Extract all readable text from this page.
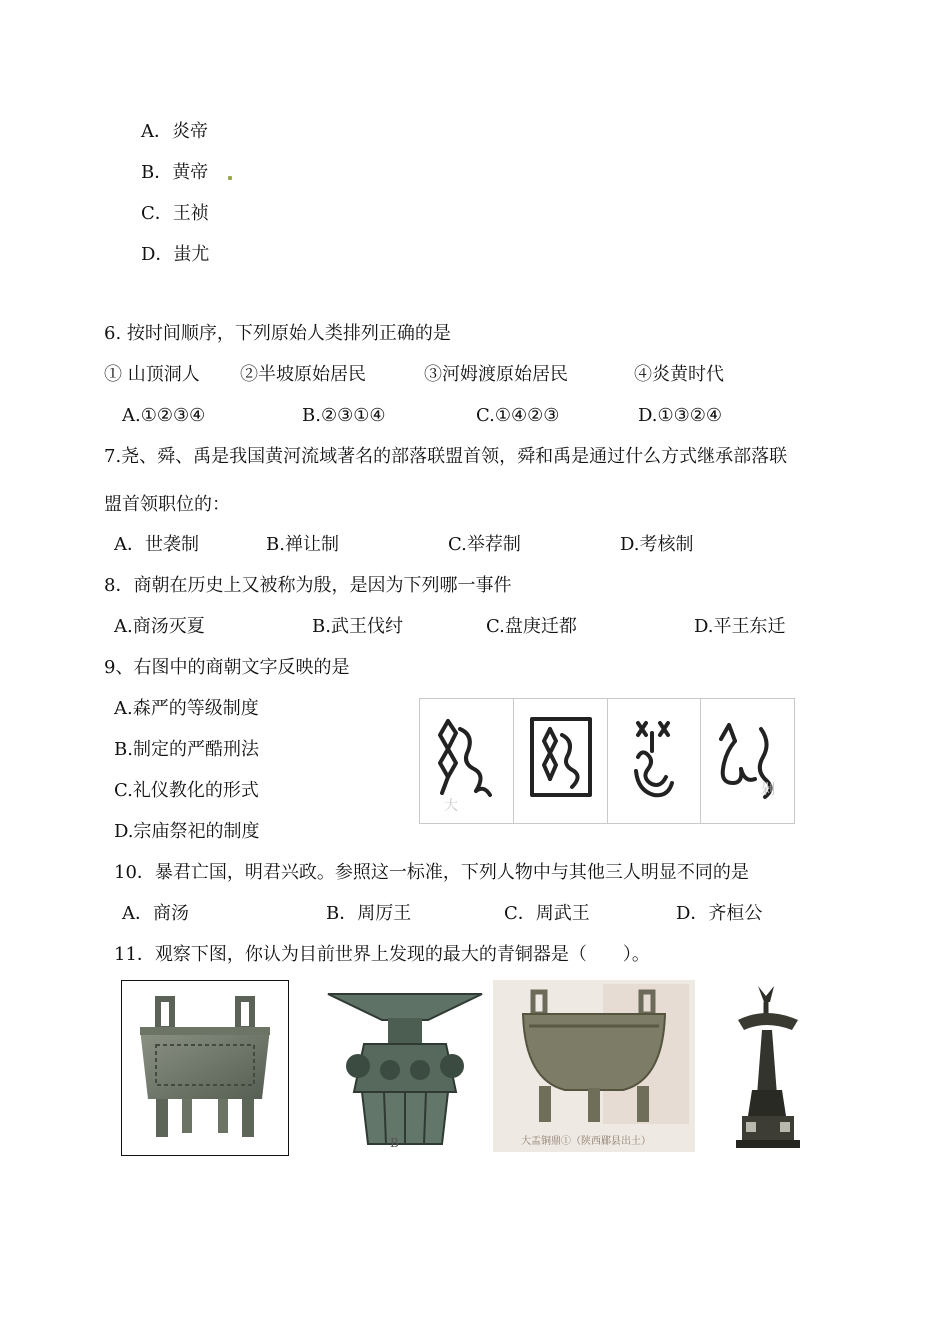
A．炎帝
B．黄帝
C．王祯
D．蚩尤
6. 按时间顺序，下列原始人类排列正确的是
① 山顶洞人 ②半坡原始居民	③河姆渡原始居民	④炎黄时代
A.①②③④	B.②③①④	C.①④②③	D.①③②④
7.尧、舜、禹是我国黄河流域著名的部落联盟首领，舜和禹是通过什么方式继承部落联
盟首领职位的：
A．世袭制	B.禅让制	C.举荐制	D.考核制
8．商朝在历史上又被称为殷，是因为下列哪一事件
A.商汤灭夏	B.武王伐纣	C.盘庚迁都	D.平王东迁
9、右图中的商朝文字反映的是
A.森严的等级制度
B.制定的严酷刑法
C.礼仪教化的形式
D.宗庙祭祀的制度
大
剁
10．暴君亡国，明君兴政。参照这一标准，下列人物中与其他三人明显不同的是
A．商汤	B．周厉王	C．周武王	D．齐桓公
11．观察下图，你认为目前世界上发现的最大的青铜器是（　　）。
B	大盂铜鼎①（陕西郿县出土）
